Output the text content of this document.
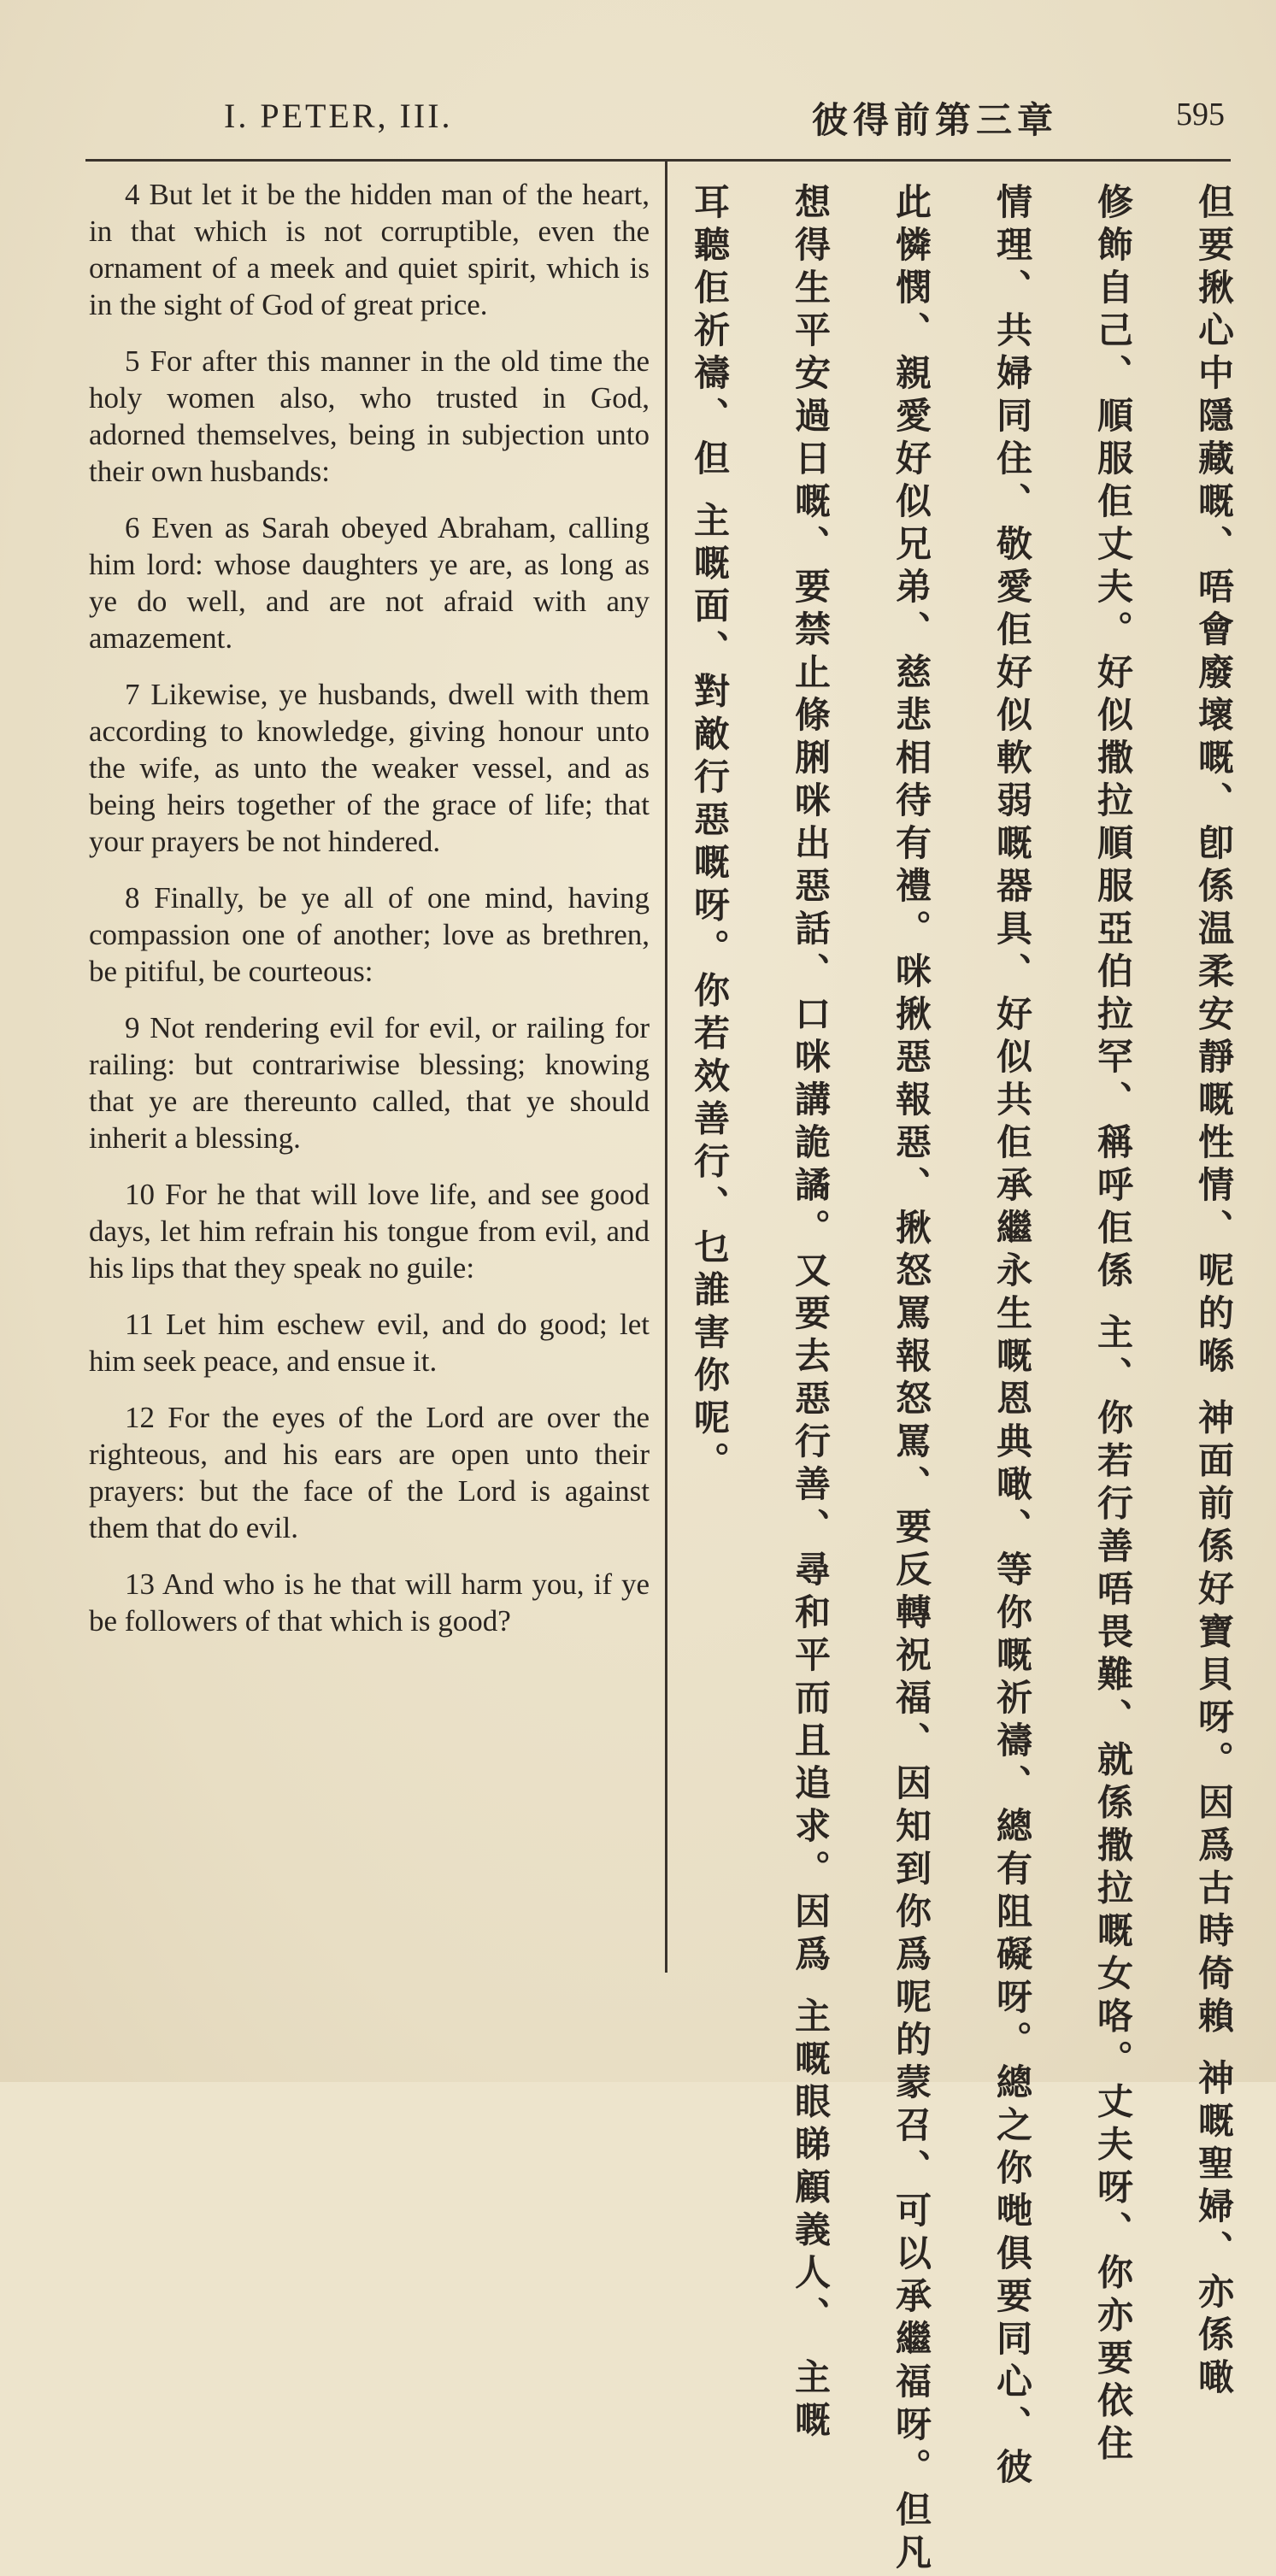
I. PETER, III.	彼得前第三章	595

4 But let it be the hidden man of the heart, in that which is not corruptible, even the ornament of a meek and quiet spirit, which is in the sight of God of great price.

5 For after this manner in the old time the holy women also, who trusted in God, adorned themselves, being in subjection unto their own husbands:

6 Even as Sarah obeyed Abraham, calling him lord: whose daughters ye are, as long as ye do well, and are not afraid with any amazement.

7 Likewise, ye husbands, dwell with them according to knowledge, giving honour unto the wife, as unto the weaker vessel, and as being heirs together of the grace of life; that your prayers be not hindered.

8 Finally, be ye all of one mind, having compassion one of another; love as brethren, be pitiful, be courteous:

9 Not rendering evil for evil, or railing for railing: but contrariwise blessing; knowing that ye are thereunto called, that ye should inherit a blessing.

10 For he that will love life, and see good days, let him refrain his tongue from evil, and his lips that they speak no guile:

11 Let him eschew evil, and do good; let him seek peace, and ensue it.

12 For the eyes of the Lord are over the righteous, and his ears are open unto their prayers: but the face of the Lord is against them that do evil.

13 And who is he that will harm you, if ye be followers of that which is good?	但要揪心中隱藏嘅、唔會廢壞嘅、卽係温柔安靜嘅性情、呢的喺 神面前係好寶貝呀。因爲古時倚賴 神嘅聖婦、亦係噉
修飾自己、順服佢丈夫。好似撒拉順服亞伯拉罕、稱呼佢係 主、你若行善唔畏難、就係撒拉嘅女咯。丈夫呀、你亦要依住
情理、共婦同住、敬愛佢好似軟弱嘅器具、好似共佢承繼永生嘅恩典噉、等你嘅祈禱、總有阻礙呀。總之你哋俱要同心、彼
此憐憫、親愛好似兄弟、慈悲相待有禮。咪揪惡報惡、揪怒罵報怒罵、要反轉祝福、因知到你爲呢的蒙召、可以承繼福呀。但凡
想得生平安過日嘅、要禁止條脷咪出惡話、口咪講詭譎。又要去惡行善、尋和平而且追求。因爲 主嘅眼睇顧義人、 主嘅
耳聽佢祈禱、但 主嘅面、對敵行惡嘅呀。你若效善行、乜誰害你呢。
